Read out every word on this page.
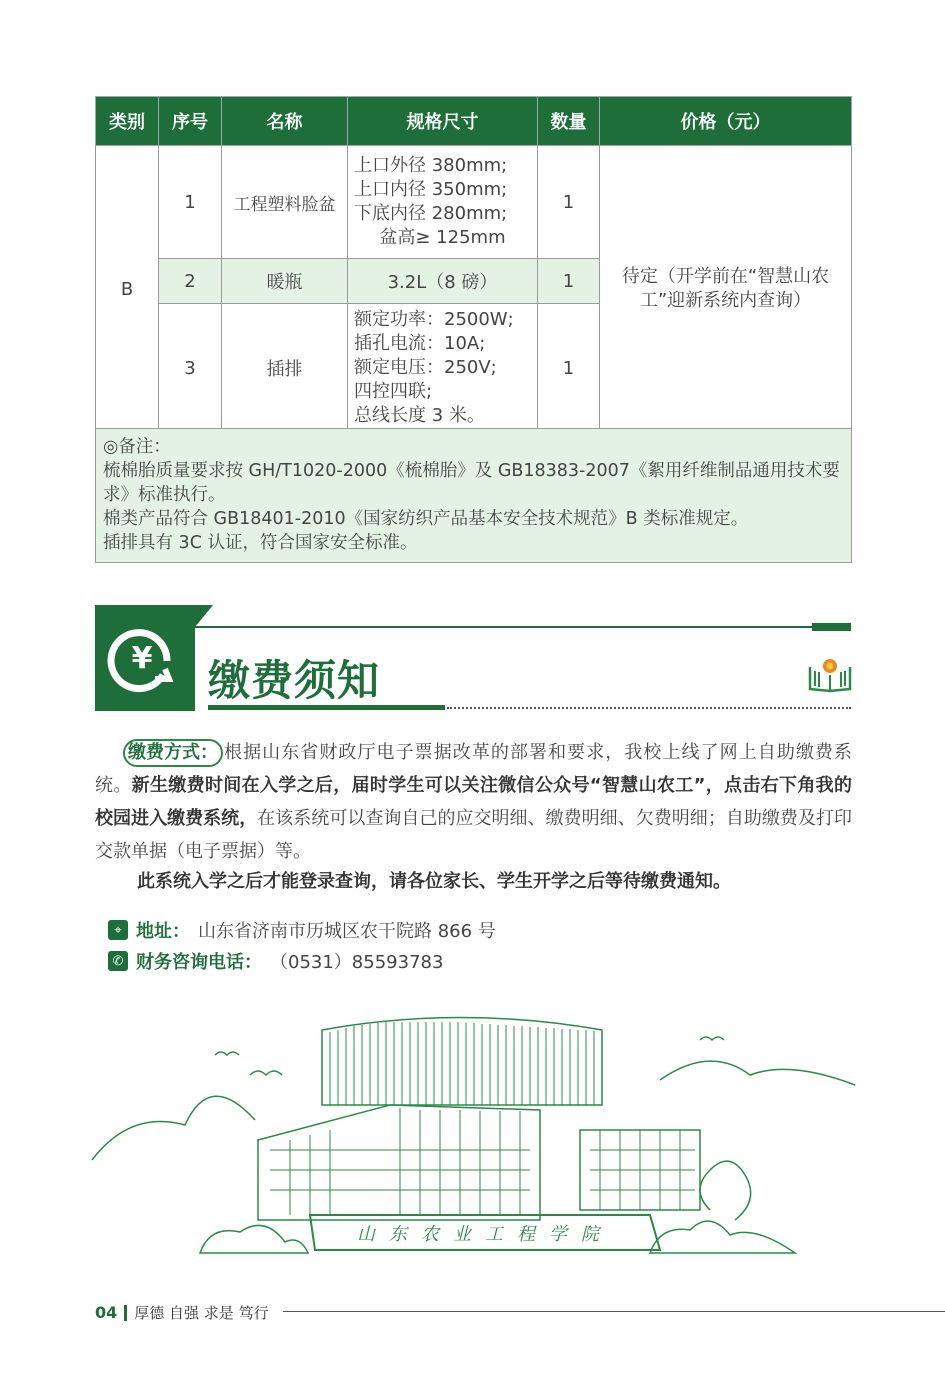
类别	序号	名称	规格尺寸	数量	价格（元）
B	1	工程塑料脸盆	上口外径 380mm;
上口内径 350mm;
下底内径 280mm;
盆高≥ 125mm	1	待定（开学前在“智慧山农工”迎新系统内查询）
	2	暖瓶	3.2L（8 磅）	1	
	3	插排	额定功率：2500W;
插孔电流：10A;
额定电压：250V;
四控四联;
总线长度 3 米。	1	
◎备注：
梳棉胎质量要求按 GH/T1020-2000《梳棉胎》及 GB18383-2007《絮用纤维制品通用技术要求》标准执行。
棉类产品符合 GB18401-2010《国家纺织产品基本安全技术规范》B 类标准规定。
插排具有 3C 认证，符合国家安全标准。
¥ 缴费须知
缴费方式： 根据山东省财政厅电子票据改革的部署和要求，我校上线了网上自助缴费系统。新生缴费时间在入学之后，届时学生可以关注微信公众号“智慧山农工”，点击右下角我的校园进入缴费系统，在该系统可以查询自己的应交明细、缴费明细、欠费明细；自助缴费及打印交款单据（电子票据）等。
此系统入学之后才能登录查询，请各位家长、学生开学之后等待缴费通知。
⌖ 地址： 山东省济南市历城区农干院路 866 号
✆ 财务咨询电话： （0531）85593783
山东农业工程学院
04 厚德 自强 求是 笃行
